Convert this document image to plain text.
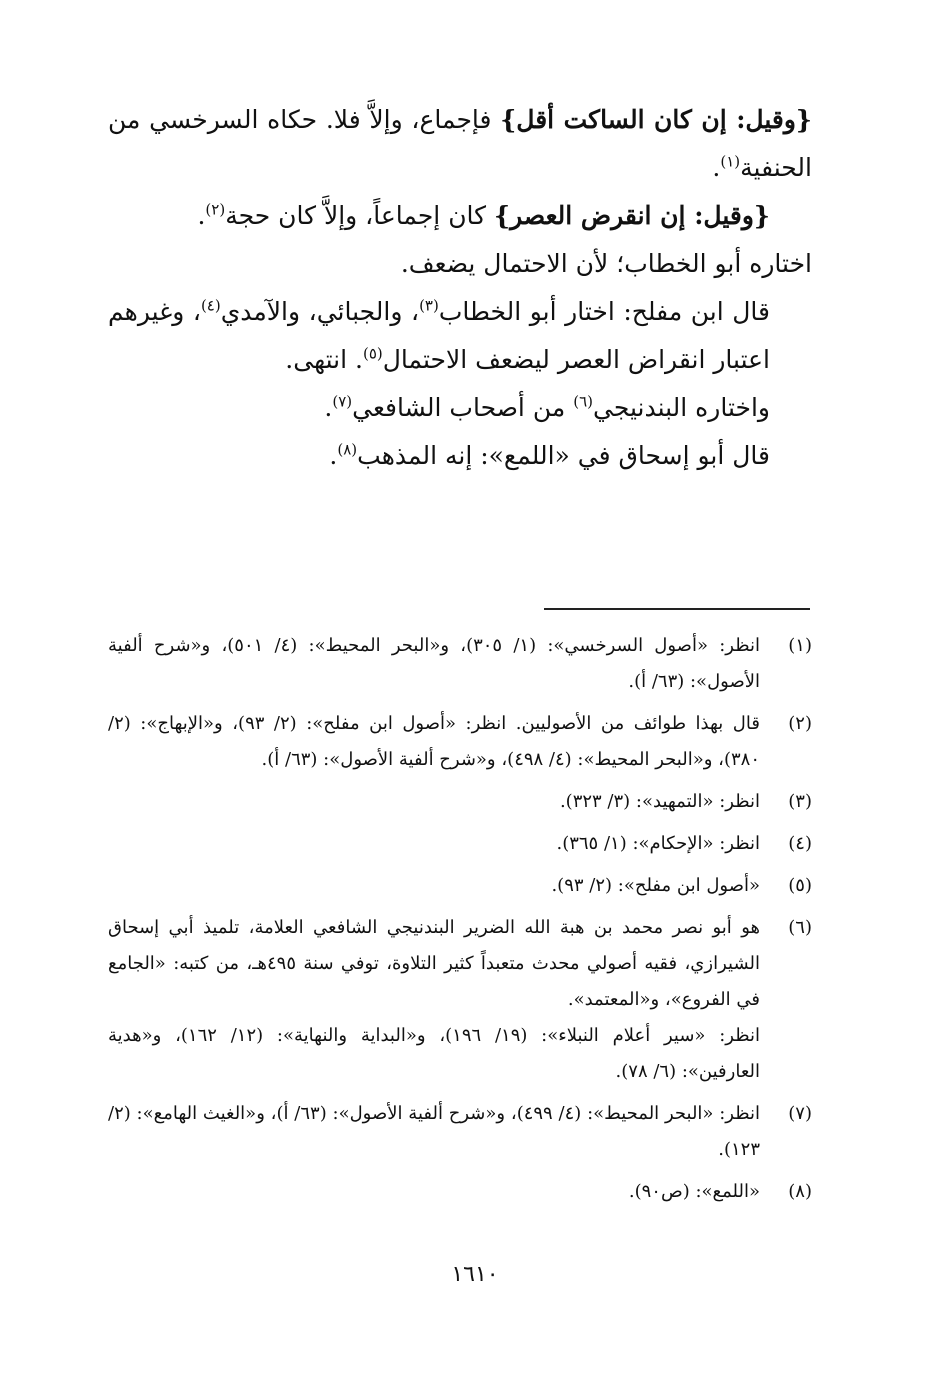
{وقيل: إن كان الساكت أقل} فإجماع، وإلاَّ فلا. حكاه السرخسي من الحنفية$^{(١)}$.

{وقيل: إن انقرض العصر} كان إجماعاً، وإلاَّ كان حجة$^{(٢)}$.

اختاره أبو الخطاب؛ لأن الاحتمال يضعف.

قال ابن مفلح: اختار أبو الخطاب$^{(٣)}$، والجبائي، والآمدي$^{(٤)}$، وغيرهم اعتبار انقراض العصر ليضعف الاحتمال$^{(٥)}$. انتهى.

واختاره البندنيجي$^{(٦)}$ من أصحاب الشافعي$^{(٧)}$.

قال أبو إسحاق في «اللمع»: إنه المذهب$^{(٨)}$.

(١)
انظر: «أصول السرخسي»: (١/ ٣٠٥)، و«البحر المحيط»: (٤/ ٥٠١)، و«شرح ألفية الأصول»: (٦٣/ أ).
(٢)
قال بهذا طوائف من الأصوليين. انظر: «أصول ابن مفلح»: (٢/ ٩٣)، و«الإبهاج»: (٢/ ٣٨٠)، و«البحر المحيط»: (٤/ ٤٩٨)، و«شرح ألفية الأصول»: (٦٣/ أ).
(٣)
انظر: «التمهيد»: (٣/ ٣٢٣).
(٤)
انظر: «الإحكام»: (١/ ٣٦٥).
(٥)
«أصول ابن مفلح»: (٢/ ٩٣).
(٦)
هو أبو نصر محمد بن هبة الله الضرير البندنيجي الشافعي العلامة، تلميذ أبي إسحاق الشيرازي، فقيه أصولي محدث متعبداً كثير التلاوة، توفي سنة ٤٩٥هـ، من كتبه: «الجامع في الفروع»، و«المعتمد».
انظر: «سير أعلام النبلاء»: (١٩/ ١٩٦)، و«البداية والنهاية»: (١٢/ ١٦٢)، و«هدية العارفين»: (٦/ ٧٨).
(٧)
انظر: «البحر المحيط»: (٤/ ٤٩٩)، و«شرح ألفية الأصول»: (٦٣/ أ)، و«الغيث الهامع»: (٢/ ١٢٣).
(٨)
«اللمع»: (ص٩٠).
١٦١٠
